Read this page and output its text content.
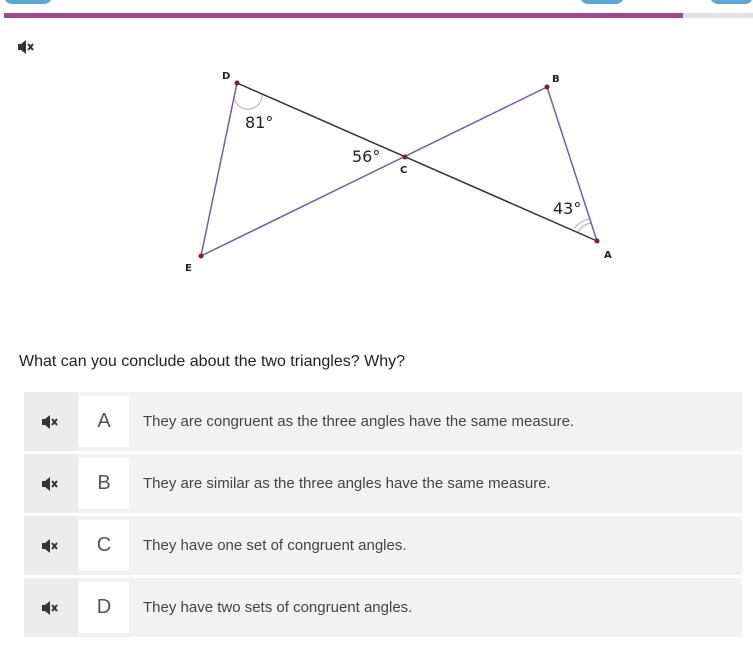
D	B
C
E
A
81°
56°
43°
What can you conclude about the two triangles? Why?
A	They are congruent as the three angles have the same measure.
B	They are similar as the three angles have the same measure.
C	They have one set of congruent angles.
D	They have two sets of congruent angles.
